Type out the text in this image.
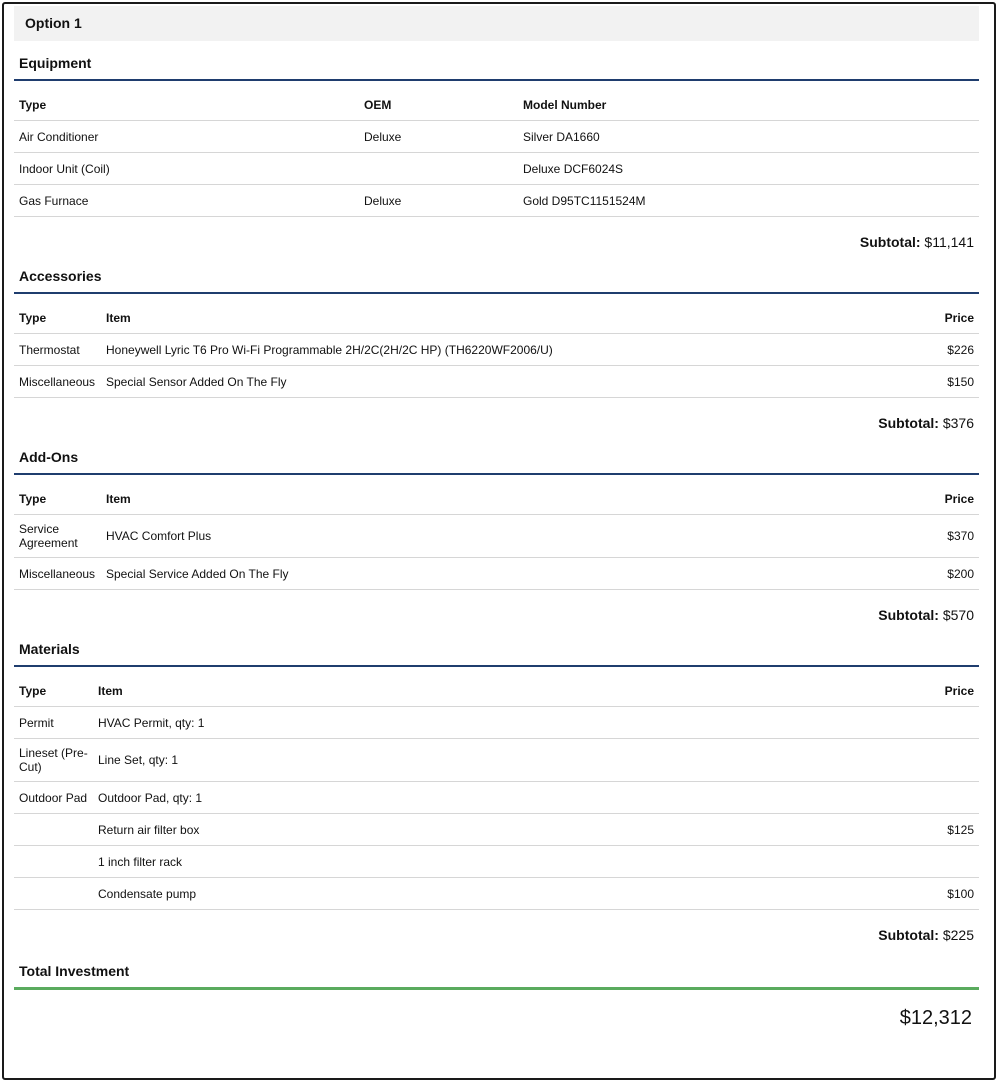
Option 1
Equipment
Type	OEM	Model Number
Air Conditioner	Deluxe	Silver DA1660
Indoor Unit (Coil)		Deluxe DCF6024S
Gas Furnace	Deluxe	Gold D95TC1151524M
Subtotal: $11,141
Accessories
Type	Item	Price
Thermostat	Honeywell Lyric T6 Pro Wi-Fi Programmable 2H/2C(2H/2C HP) (TH6220WF2006/U)	$226
Miscellaneous	Special Sensor Added On The Fly	$150
Subtotal: $376
Add-Ons
Type	Item	Price
Service Agreement	HVAC Comfort Plus	$370
Miscellaneous	Special Service Added On The Fly	$200
Subtotal: $570
Materials
Type	Item	Price
Permit	HVAC Permit, qty: 1	
Lineset (Pre-Cut)	Line Set, qty: 1	
Outdoor Pad	Outdoor Pad, qty: 1	
	Return air filter box	$125
	1 inch filter rack	
	Condensate pump	$100
Subtotal: $225
Total Investment
$12,312
